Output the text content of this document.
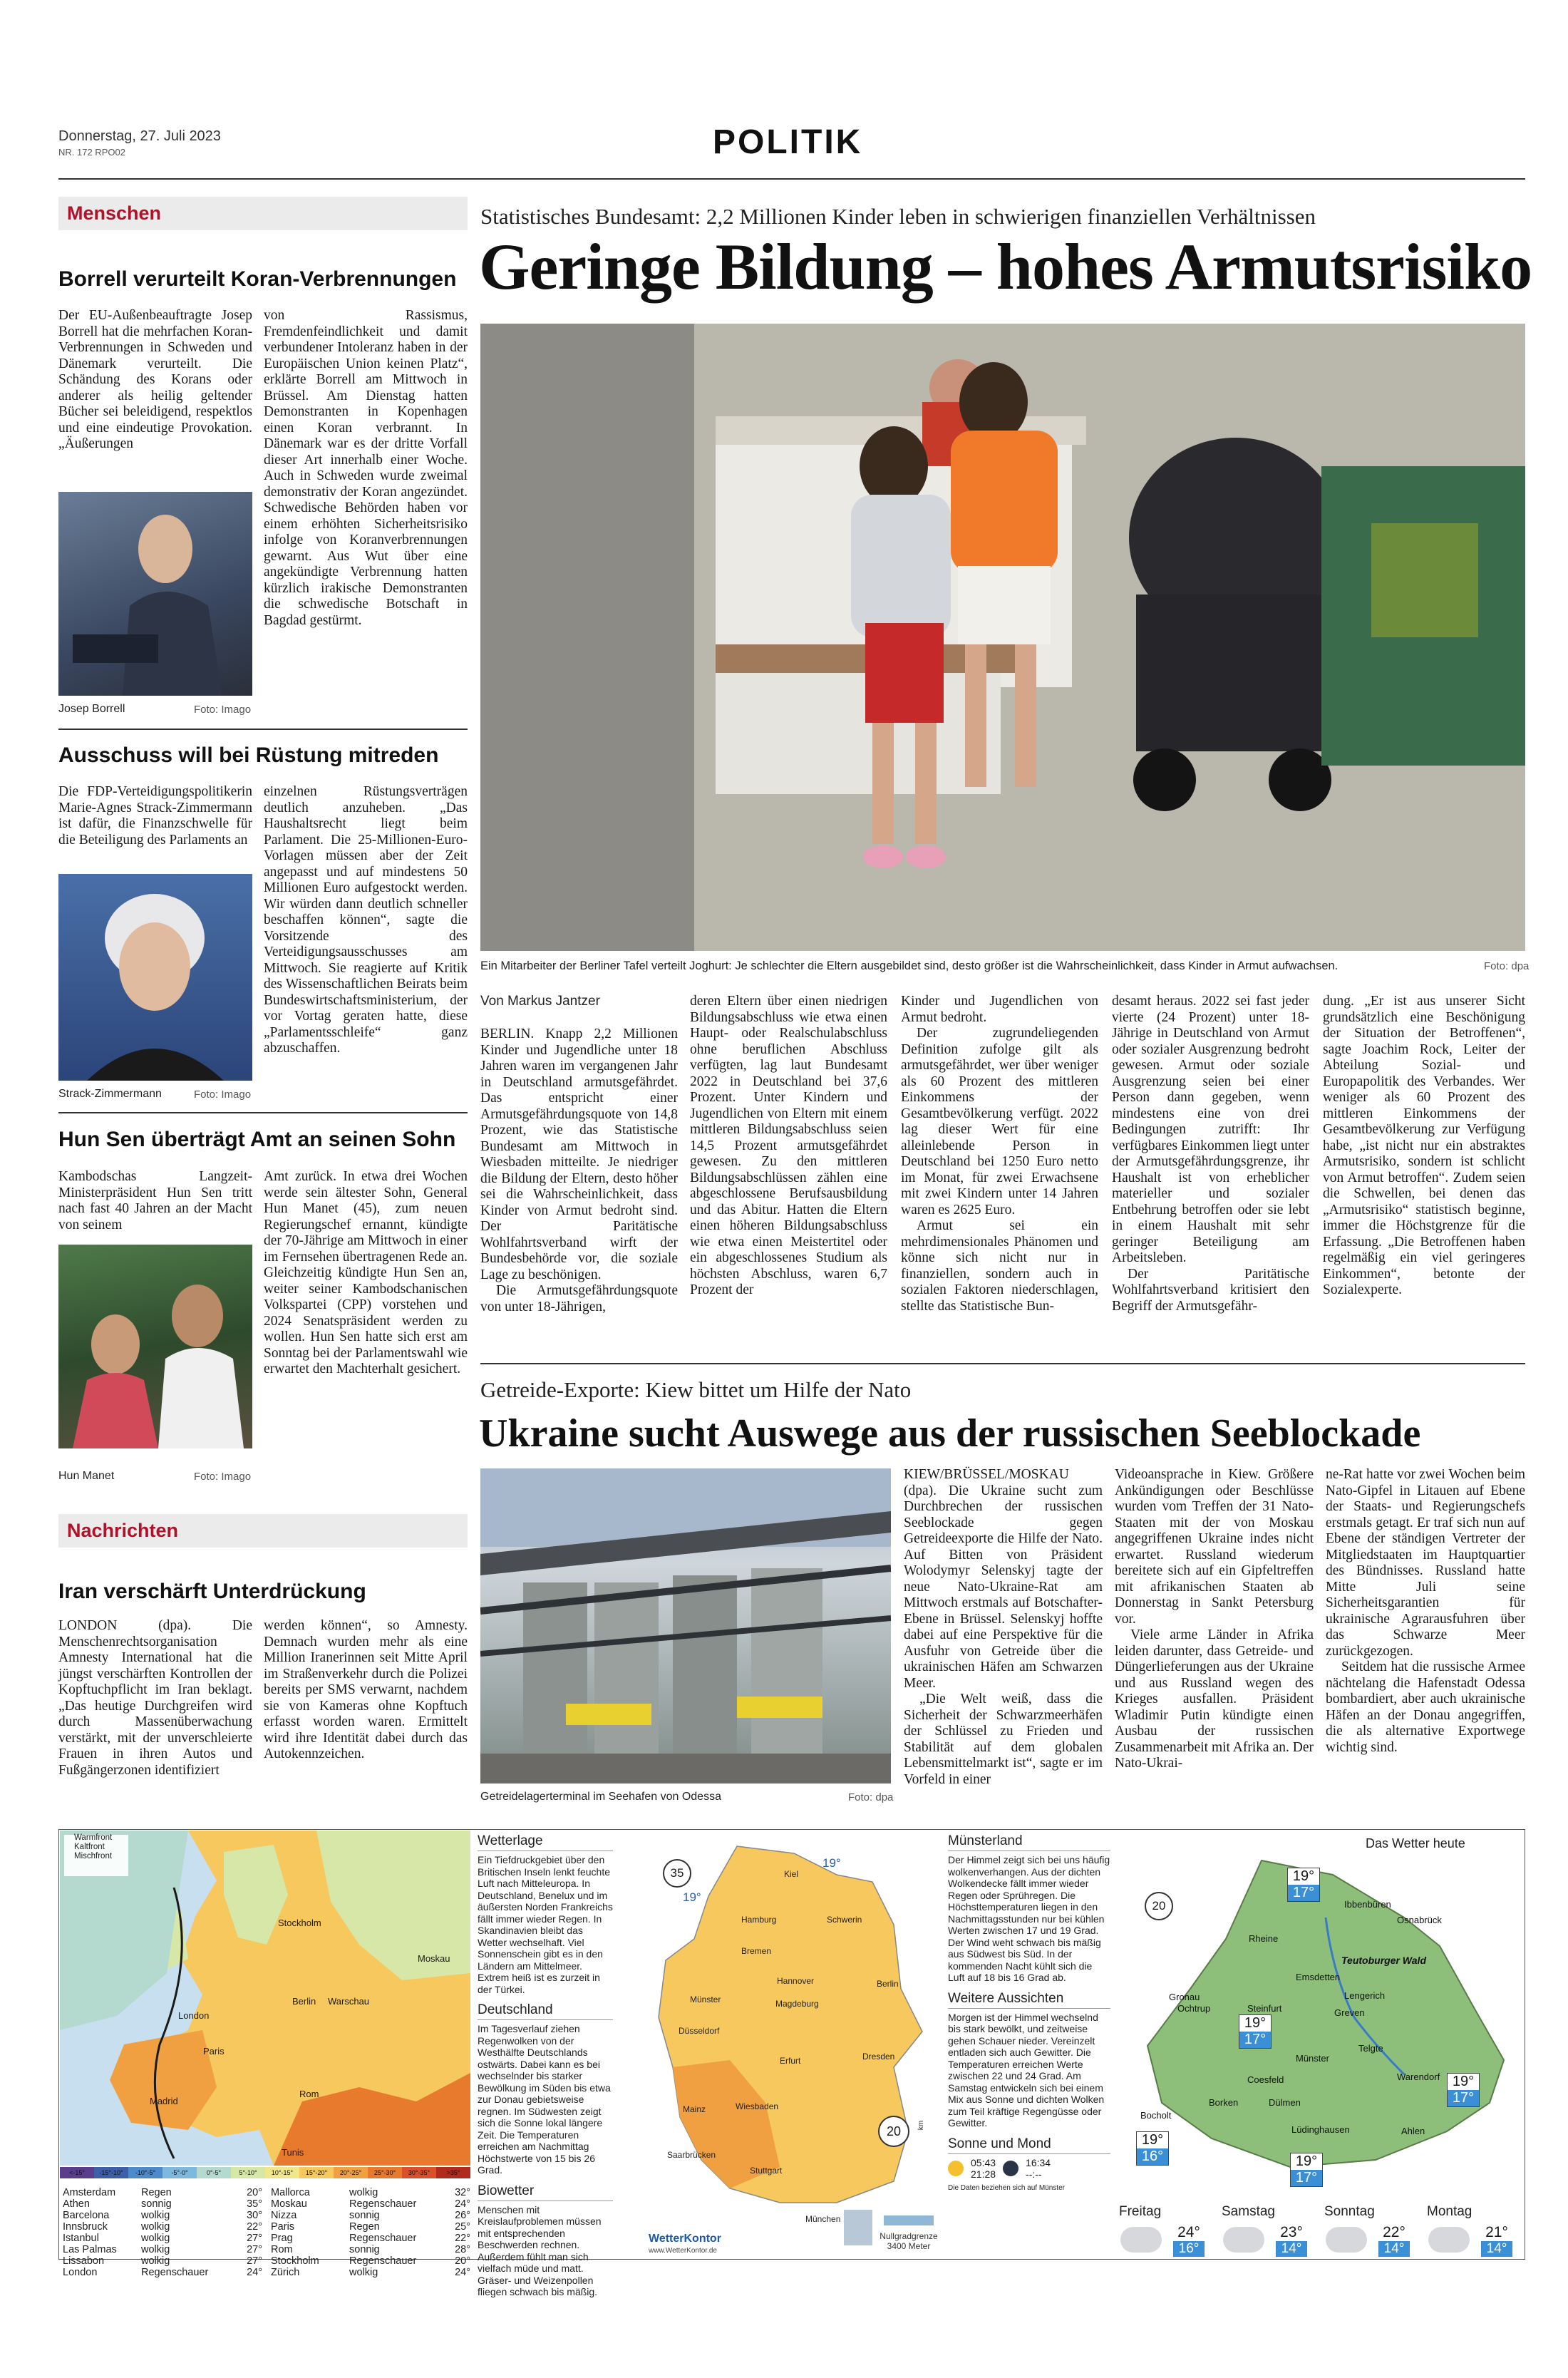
Donnerstag, 27. Juli 2023
NR. 172 RPO02	POLITIK
Menschen
Borrell verurteilt Koran-Verbrennungen

Der EU-Außenbeauftragte Josep Borrell hat die mehrfachen Koran-Verbrennungen in Schweden und Dänemark verurteilt. Die Schändung des Korans oder anderer als heilig geltender Bücher sei beleidigend, respektlos und eine eindeutige Provokation. „Äußerungen

von Rassismus, Fremdenfeindlichkeit und damit verbundener Intoleranz haben in der Europäischen Union keinen Platz“, erklärte Borrell am Mittwoch in Brüssel. Am Dienstag hatten Demonstranten in Kopenhagen einen Koran verbrannt. In Dänemark war es der dritte Vorfall dieser Art innerhalb einer Woche. Auch in Schweden wurde zweimal demonstrativ der Koran angezündet. Schwedische Behörden haben vor einem erhöhten Sicherheitsrisiko infolge von Koranverbrennungen gewarnt. Aus Wut über eine angekündigte Verbrennung hatten kürzlich irakische Demonstranten die schwedische Botschaft in Bagdad gestürmt.

Josep Borrell	Foto: Imago
Ausschuss will bei Rüstung mitreden

Die FDP-Verteidigungspolitikerin Marie-Agnes Strack-Zimmermann ist dafür, die Finanzschwelle für die Beteiligung des Parlaments an

einzelnen Rüstungsverträgen deutlich anzuheben. „Das Haushaltsrecht liegt beim Parlament. Die 25-Millionen-Euro-Vorlagen müssen aber der Zeit angepasst und auf mindestens 50 Millionen Euro aufgestockt werden. Wir würden dann deutlich schneller beschaffen können“, sagte die Vorsitzende des Verteidigungsausschusses am Mittwoch. Sie reagierte auf Kritik des Wissenschaftlichen Beirats beim Bundeswirtschaftsministerium, der vor Vortag geraten hatte, diese „Parlamentsschleife“ ganz abzuschaffen.

Strack-Zimmermann	Foto: Imago
Hun Sen überträgt Amt an seinen Sohn

Kambodschas Langzeit-Ministerpräsident Hun Sen tritt nach fast 40 Jahren an der Macht von seinem

Amt zurück. In etwa drei Wochen werde sein ältester Sohn, General Hun Manet (45), zum neuen Regierungschef ernannt, kündigte der 70-Jährige am Mittwoch in einer im Fernsehen übertragenen Rede an. Gleichzeitig kündigte Hun Sen an, weiter seiner Kambodschanischen Volkspartei (CPP) vorstehen und 2024 Senatspräsident werden zu wollen. Hun Sen hatte sich erst am Sonntag bei der Parlamentswahl wie erwartet den Machterhalt gesichert.

Hun Manet	Foto: Imago
Nachrichten
Iran verschärft Unterdrückung

LONDON (dpa). Die Menschenrechtsorganisation Amnesty International hat die jüngst verschärften Kontrollen der Kopftuchpflicht im Iran beklagt. „Das heutige Durchgreifen wird durch Massenüberwachung verstärkt, mit der unverschleierte Frauen in ihren Autos und Fußgängerzonen identifiziert

werden können“, so Amnesty. Demnach wurden mehr als eine Million Iranerinnen seit Mitte April im Straßenverkehr durch die Polizei bereits per SMS verwarnt, nachdem sie von Kameras ohne Kopftuch erfasst worden waren. Ermittelt wird ihre Identität dabei durch das Autokennzeichen.

Statistisches Bundesamt: 2,2 Millionen Kinder leben in schwierigen finanziellen Verhältnissen
Geringe Bildung – hohes Armutsrisiko
Ein Mitarbeiter der Berliner Tafel verteilt Joghurt: Je schlechter die Eltern ausgebildet sind, desto größer ist die Wahrscheinlichkeit, dass Kinder in Armut aufwachsen.	Foto: dpa
Von Markus Jantzer

BERLIN. Knapp 2,2 Millionen Kinder und Jugendliche unter 18 Jahren waren im vergangenen Jahr in Deutschland armutsgefährdet. Das entspricht einer Armutsgefährdungsquote von 14,8 Prozent, wie das Statistische Bundesamt am Mittwoch in Wiesbaden mitteilte. Je niedriger die Bildung der Eltern, desto höher sei die Wahrscheinlichkeit, dass Kinder von Armut bedroht sind. Der Paritätische Wohlfahrtsverband wirft der Bundesbehörde vor, die soziale Lage zu beschönigen.

Die Armutsgefährdungsquote von unter 18-Jährigen,

deren Eltern über einen niedrigen Bildungsabschluss wie etwa einen Haupt- oder Realschulabschluss ohne beruflichen Abschluss verfügten, lag laut Bundesamt 2022 in Deutschland bei 37,6 Prozent. Unter Kindern und Jugendlichen von Eltern mit einem mittleren Bildungsabschluss seien 14,5 Prozent armutsgefährdet gewesen. Zu den mittleren Bildungsabschlüssen zählen eine abgeschlossene Berufsausbildung und das Abitur. Hatten die Eltern einen höheren Bildungsabschluss wie etwa einen Meistertitel oder ein abgeschlossenes Studium als höchsten Abschluss, waren 6,7 Prozent der

Kinder und Jugendlichen von Armut bedroht.

Der zugrundeliegenden Definition zufolge gilt als armutsgefährdet, wer über weniger als 60 Prozent des mittleren Einkommens der Gesamtbevölkerung verfügt. 2022 lag dieser Wert für eine alleinlebende Person in Deutschland bei 1250 Euro netto im Monat, für zwei Erwachsene mit zwei Kindern unter 14 Jahren waren es 2625 Euro.

Armut sei ein mehrdimensionales Phänomen und könne sich nicht nur in finanziellen, sondern auch in sozialen Faktoren niederschlagen, stellte das Statistische Bun-

desamt heraus. 2022 sei fast jeder vierte (24 Prozent) unter 18-Jährige in Deutschland von Armut oder sozialer Ausgrenzung bedroht gewesen. Armut oder soziale Ausgrenzung seien bei einer Person dann gegeben, wenn mindestens eine von drei Bedingungen zutrifft: Ihr verfügbares Einkommen liegt unter der Armutsgefährdungsgrenze, ihr Haushalt ist von erheblicher materieller und sozialer Entbehrung betroffen oder sie lebt in einem Haushalt mit sehr geringer Beteiligung am Arbeitsleben.

Der Paritätische Wohlfahrtsverband kritisiert den Begriff der Armutsgefähr-

dung. „Er ist aus unserer Sicht grundsätzlich eine Beschönigung der Situation der Betroffenen“, sagte Joachim Rock, Leiter der Abteilung Sozial- und Europapolitik des Verbandes. Wer weniger als 60 Prozent des mittleren Einkommens der Gesamtbevölkerung zur Verfügung habe, „ist nicht nur ein abstraktes Armutsrisiko, sondern ist schlicht von Armut betroffen“. Zudem seien die Schwellen, bei denen das „Armutsrisiko“ statistisch beginne, immer die Höchstgrenze für die Erfassung. „Die Betroffenen haben regelmäßig ein viel geringeres Einkommen“, betonte der Sozialexperte.

Getreide-Exporte: Kiew bittet um Hilfe der Nato
Ukraine sucht Auswege aus der russischen Seeblockade
Getreidelagerterminal im Seehafen von Odessa	Foto: dpa

KIEW/BRÜSSEL/MOSKAU (dpa). Die Ukraine sucht zum Durchbrechen der russischen Seeblockade gegen Getreideexporte die Hilfe der Nato. Auf Bitten von Präsident Wolodymyr Selenskyj tagte der neue Nato-Ukraine-Rat am Mittwoch erstmals auf Botschafter-Ebene in Brüssel. Selenskyj hoffte dabei auf eine Perspektive für die Ausfuhr von Getreide über die ukrainischen Häfen am Schwarzen Meer.

„Die Welt weiß, dass die Sicherheit der Schwarzmeerhäfen der Schlüssel zu Frieden und Stabilität auf dem globalen Lebensmittelmarkt ist“, sagte er im Vorfeld in einer

Videoansprache in Kiew. Größere Ankündigungen oder Beschlüsse wurden vom Treffen der 31 Nato-Staaten mit der von Moskau angegriffenen Ukraine indes nicht erwartet. Russland wiederum bereitete sich auf ein Gipfeltreffen mit afrikanischen Staaten ab Donnerstag in Sankt Petersburg vor.

Viele arme Länder in Afrika leiden darunter, dass Getreide- und Düngerlieferungen aus der Ukraine und aus Russland wegen des Krieges ausfallen. Präsident Wladimir Putin kündigte einen Ausbau der russischen Zusammenarbeit mit Afrika an. Der Nato-Ukrai-

ne-Rat hatte vor zwei Wochen beim Nato-Gipfel in Litauen auf Ebene der Staats- und Regierungschefs erstmals getagt. Er traf sich nun auf Ebene der ständigen Vertreter der Mitgliedstaaten im Hauptquartier des Bündnisses. Russland hatte Mitte Juli seine Sicherheitsgarantien für ukrainische Agrarausfuhren über das Schwarze Meer zurückgezogen.

Seitdem hat die russische Armee nächtelang die Hafenstadt Odessa bombardiert, aber auch ukrainische Häfen an der Donau angegriffen, die als alternative Exportwege wichtig sind.

Warmfront
Kaltfront
Mischfront
Stockholm
Moskau
Berlin Warschau
London
Paris
Madrid
Rom
Tunis
<-15°	-15°-10°	-10°-5°	-5°-0°	0°-5°	5°-10°	10°-15°	15°-20°	20°-25°	25°-30°	30°-35°	>35°
Amsterdam	Regen	20°
Athen	sonnig	35°
Barcelona	wolkig	30°
Innsbruck	wolkig	22°
Istanbul	wolkig	27°
Las Palmas	wolkig	27°
Lissabon	wolkig	27°
London	Regenschauer	24°
Mallorca	wolkig	32°
Moskau	Regenschauer	24°
Nizza	sonnig	26°
Paris	Regen	25°
Prag	Regenschauer	22°
Rom	sonnig	28°
Stockholm	Regenschauer	20°
Zürich	wolkig	24°
Wetterlage
Ein Tiefdruckgebiet über den Britischen Inseln lenkt feuchte Luft nach Mitteleuropa. In Deutschland, Benelux und im äußersten Norden Frankreichs fällt immer wieder Regen. In Skandinavien bleibt das Wetter wechselhaft. Viel Sonnenschein gibt es in den Ländern am Mittelmeer. Extrem heiß ist es zurzeit in der Türkei.
Deutschland
Im Tagesverlauf ziehen Regenwolken von der Westhälfte Deutschlands ostwärts. Dabei kann es bei wechselnder bis starker Bewölkung im Süden bis etwa zur Donau gebietsweise regnen. Im Südwesten zeigt sich die Sonne lokal längere Zeit. Die Temperaturen erreichen am Nachmittag Höchstwerte von 15 bis 26 Grad.
Biowetter
Menschen mit Kreislaufproblemen müssen mit entsprechenden Beschwerden rechnen. Außerdem fühlt man sich vielfach müde und matt. Gräser- und Weizenpollen fliegen schwach bis mäßig.
35
20
19°
19°
Kiel
Hamburg	Schwerin
Bremen
Hannover	Berlin
Münster	Magdeburg
Düsseldorf
Dresden
Erfurt
Mainz	Wiesbaden
Saarbrücken
Stuttgart
München
km
Nullgradgrenze
3400 Meter
WetterKontor
www.WetterKontor.de
Münsterland
Der Himmel zeigt sich bei uns häufig wolkenverhangen. Aus der dichten Wolkendecke fällt immer wieder Regen oder Sprühregen. Die Höchsttemperaturen liegen in den Nachmittagsstunden nur bei kühlen Werten zwischen 17 und 19 Grad. Der Wind weht schwach bis mäßig aus Südwest bis Süd. In der kommenden Nacht kühlt sich die Luft auf 18 bis 16 Grad ab.
Weitere Aussichten
Morgen ist der Himmel wechselnd bis stark bewölkt, und zeitweise gehen Schauer nieder. Vereinzelt entladen sich auch Gewitter. Die Temperaturen erreichen Werte zwischen 22 und 24 Grad. Am Samstag entwickeln sich bei einem Mix aus Sonne und dichten Wolken zum Teil kräftige Regengüsse oder Gewitter.
Sonne und Mond
05:43
21:28
16:34
--:--
Die Daten beziehen sich auf Münster
20
Das Wetter heute
Osnabrück
Ibbenbüren
Rheine
Teutoburger Wald
Emsdetten
Lengerich
Gronau
Ochtrup	Steinfurt	Greven
Telgte
Münster
Warendorf
Coesfeld
Bocholt
Borken	Dülmen
Ahlen
Lüdinghausen
19°
17°
19°
17°
19°
17°
19°
16°	19°
17°
Freitag
24°
16°
Samstag
23°
14°
Sonntag
22°
14°
Montag
21°
14°
